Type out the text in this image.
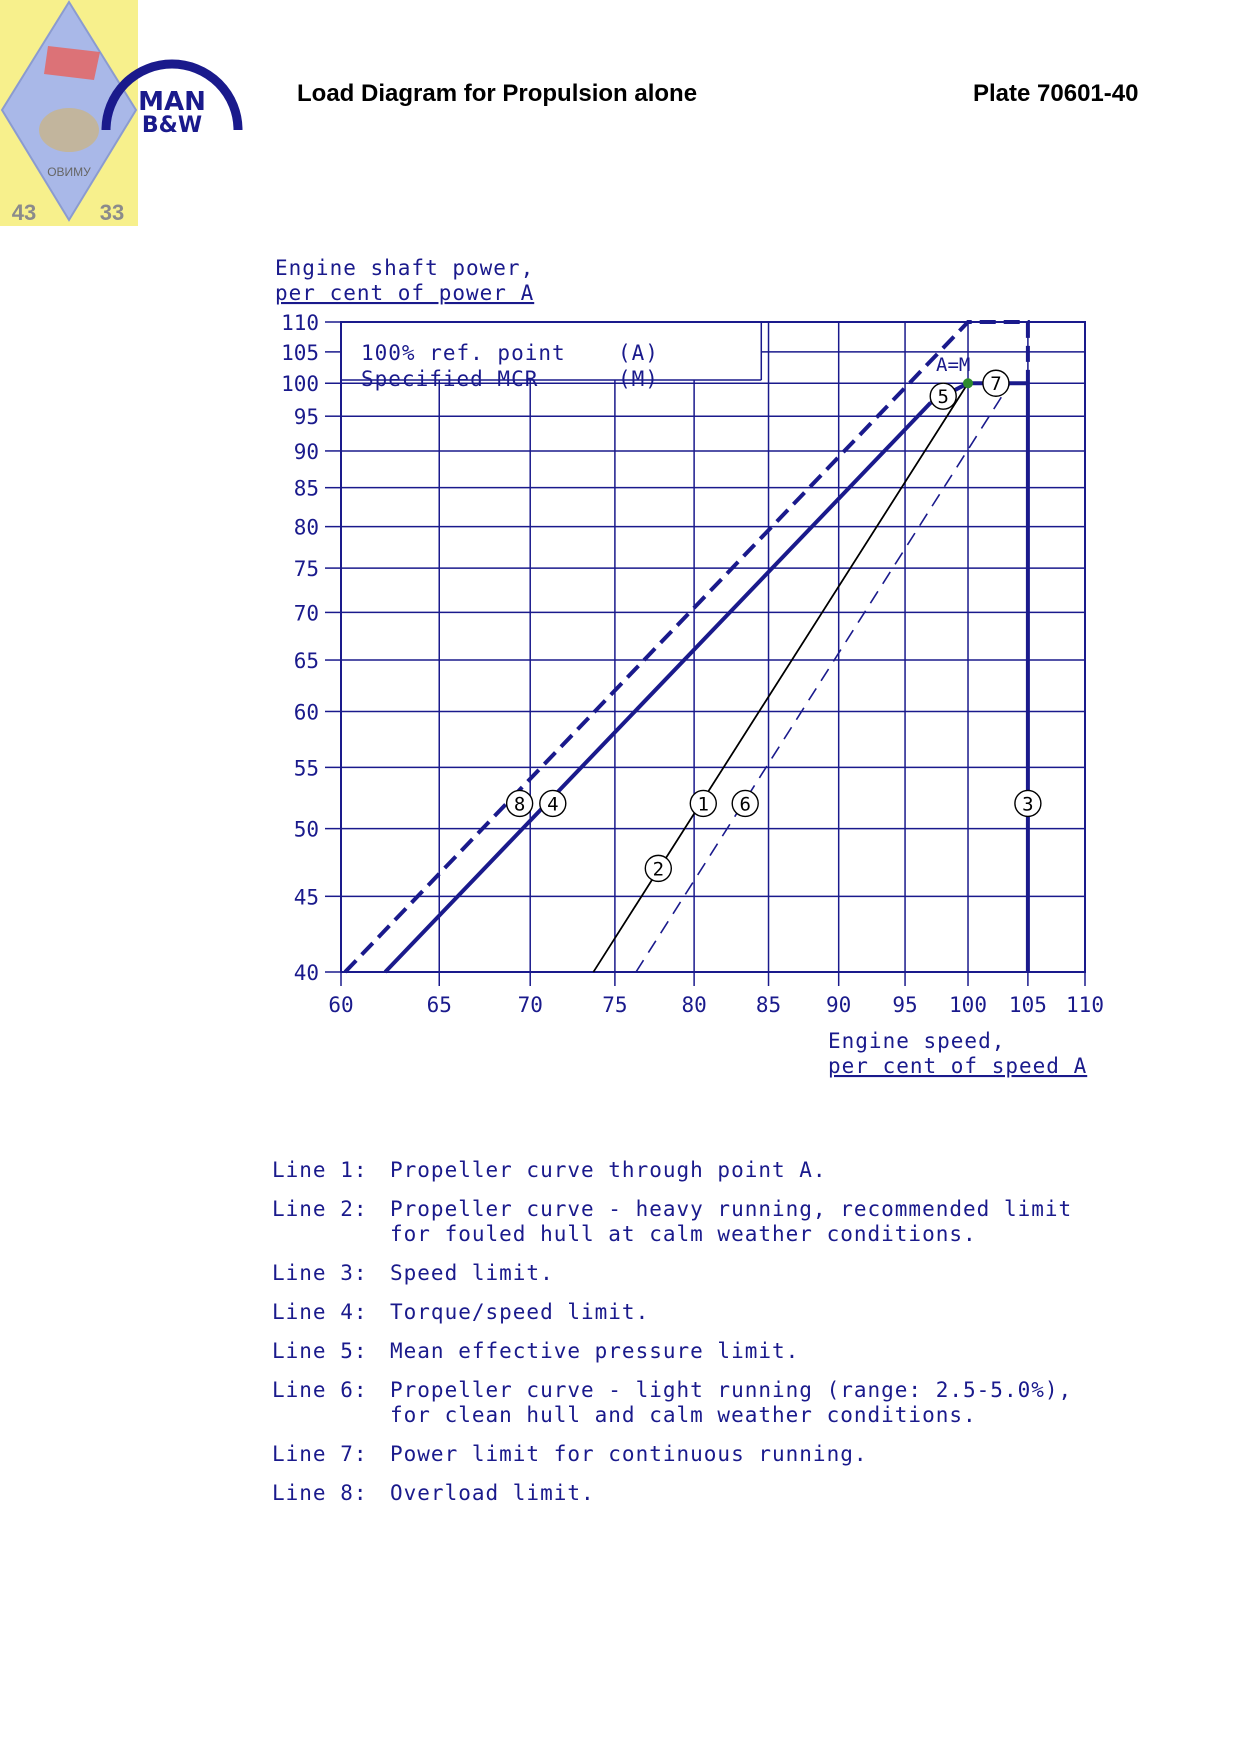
ОВИМУ
43	33
MAN
B&W
Load Diagram for Propulsion alone	Plate 70601-40
40
45
50
55
60
65
70
75
80
85
90
95
100
105
110
60	65	70	75	80 85 90 95 100 105 110
Engine shaft power,
per cent of power A
Engine speed,
per cent of speed A
100% ref. point (A)
Specified MCR	(M)
A=M
1
2
3
4
5
6
7
8
Line 1:	Propeller curve through point A.
Line 2:	Propeller curve - heavy running, recommended limit for fouled hull at calm weather conditions.
Line 3:	Speed limit.
Line 4:	Torque/speed limit.
Line 5:	Mean effective pressure limit.
Line 6:	Propeller curve - light running (range: 2.5-5.0%), for clean hull and calm weather conditions.
Line 7:	Power limit for continuous running.
Line 8:	Overload limit.
